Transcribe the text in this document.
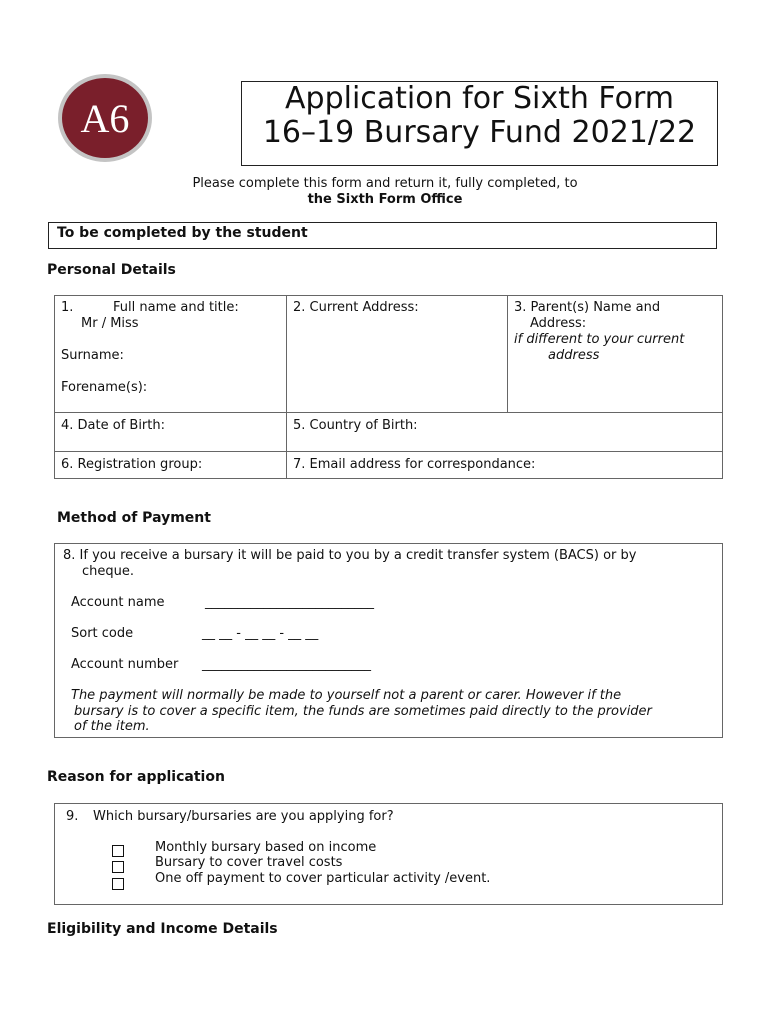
A6	Application for Sixth Form
16–19 Bursary Fund 2021/22
Please complete this form and return it, fully completed, to
the Sixth Form Office
To be completed by the student
Personal Details
1.	Full name and title:
Mr / Miss
Surname:
Forename(s):
2. Current Address:	3. Parent(s) Name and
Address:
if different to your current
address
4. Date of Birth:	5. Country of Birth:
6. Registration group:	7. Email address for correspondance:
Method of Payment
8. If you receive a bursary it will be paid to you by a credit transfer system (BACS) or by
cheque.
Account name	__________________________
Sort code	__ __ - __ __ - __ __
Account number __________________________
The payment will normally be made to yourself not a parent or carer. However if the
bursary is to cover a specific item, the funds are sometimes paid directly to the provider
of the item.
Reason for application
9. Which bursary/bursaries are you applying for?
Monthly bursary based on income
Bursary to cover travel costs
One off payment to cover particular activity /event.
Eligibility and Income Details
